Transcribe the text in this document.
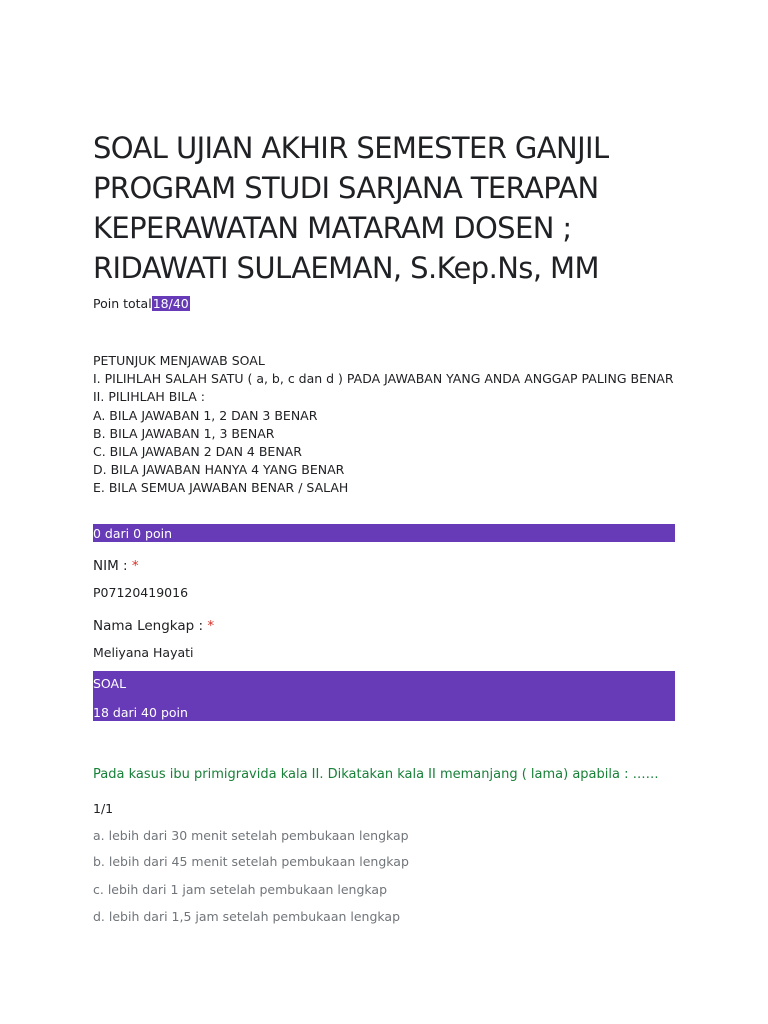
SOAL UJIAN AKHIR SEMESTER GANJIL PROGRAM STUDI SARJANA TERAPAN KEPERAWATAN MATARAM DOSEN ; RIDAWATI SULAEMAN, S.Kep.Ns, MM
Poin total18/40
PETUNJUK MENJAWAB SOAL
I. PILIHLAH SALAH SATU ( a, b, c dan d ) PADA JAWABAN YANG ANDA ANGGAP PALING BENAR
II. PILIHLAH BILA :
A. BILA JAWABAN 1, 2 DAN 3 BENAR
B. BILA JAWABAN 1, 3 BENAR
C. BILA JAWABAN 2 DAN 4 BENAR
D. BILA JAWABAN HANYA 4 YANG BENAR
E. BILA SEMUA JAWABAN BENAR / SALAH
0 dari 0 poin
NIM : *
P07120419016
Nama Lengkap : *
Meliyana Hayati
SOAL
18 dari 40 poin
Pada kasus ibu primigravida kala II. Dikatakan kala II memanjang ( lama) apabila : ……
1/1
a. lebih dari 30 menit setelah pembukaan lengkap
b. lebih dari 45 menit setelah pembukaan lengkap
c. lebih dari 1 jam setelah pembukaan lengkap
d. lebih dari 1,5 jam setelah pembukaan lengkap
